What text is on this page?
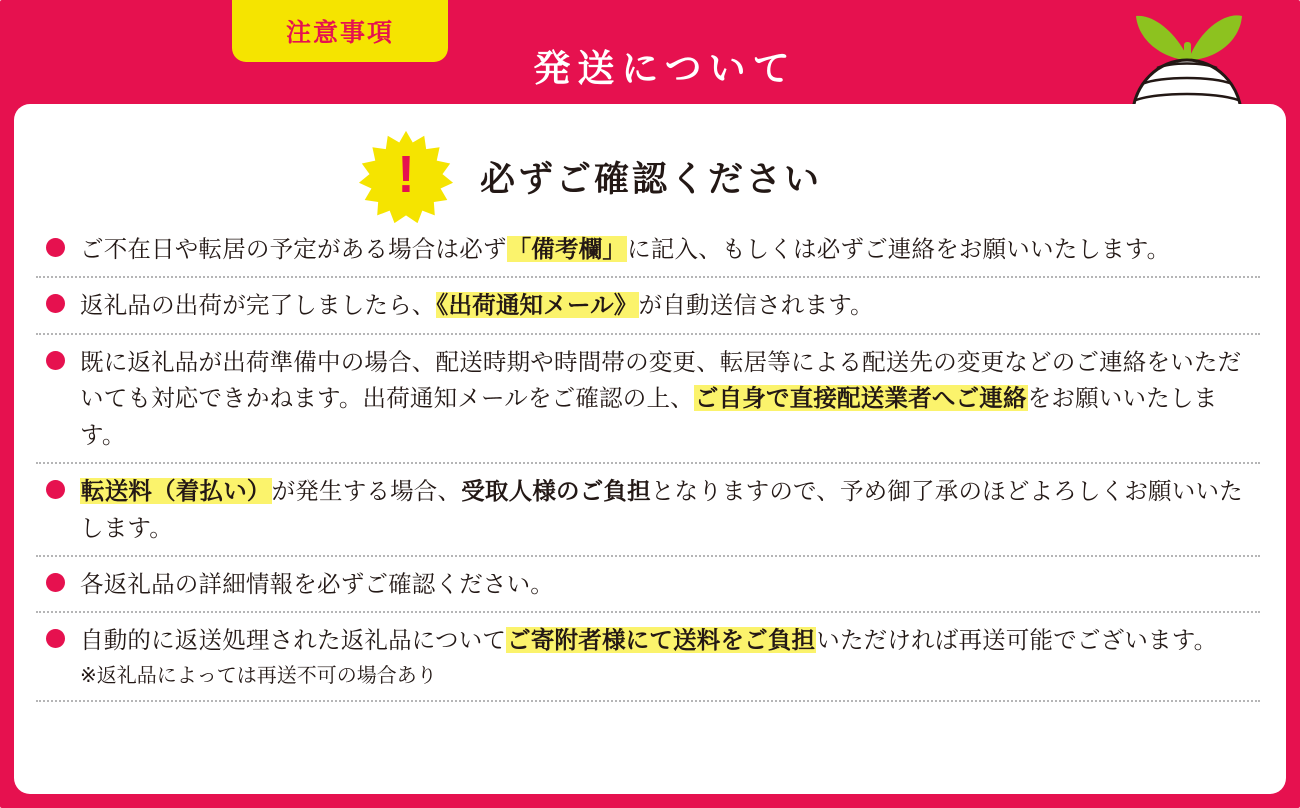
注意事項
発送について
! 必ずご確認ください
ご不在日や転居の予定がある場合は必ず「備考欄」に記入、もしくは必ずご連絡をお願いいたします。
返礼品の出荷が完了しましたら、《出荷通知メール》が自動送信されます。
既に返礼品が出荷準備中の場合、配送時期や時間帯の変更、転居等による配送先の変更などのご連絡をいただいても対応できかねます。出荷通知メールをご確認の上、ご自身で直接配送業者へご連絡をお願いいたします。
転送料（着払い）が発生する場合、受取人様のご負担となりますので、予め御了承のほどよろしくお願いいたします。
各返礼品の詳細情報を必ずご確認ください。
自動的に返送処理された返礼品についてご寄附者様にて送料をご負担いただければ再送可能でございます。
※返礼品によっては再送不可の場合あり
